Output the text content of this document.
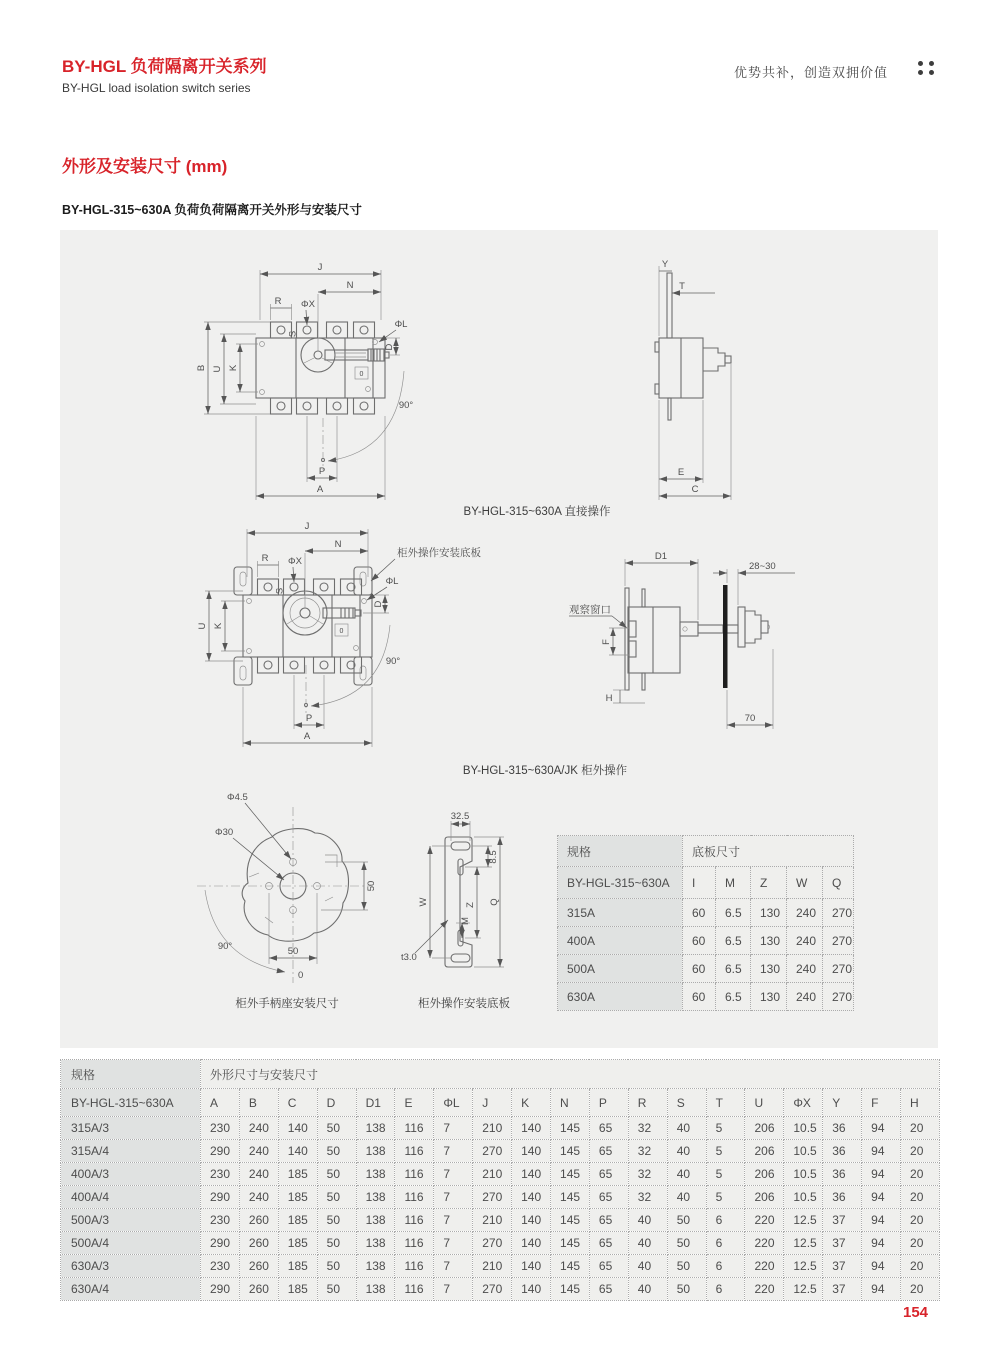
BY-HGL 负荷隔离开关系列
BY-HGL load isolation switch series
优势共补，创造双拥价值
外形及安装尺寸 (mm)
BY-HGL-315~630A 负荷负荷隔离开关外形与安装尺寸
0
J
N
R ΦX
S
ΦL
D
B U K
P
A
90°
Y
T
E
C
BY-HGL-315~630A 直接操作
0
J
N
R ΦX
S
ΦL
D
U K
P
A
90°
柜外操作安装底板
观察窗口
F
H
D1
28~30
70
BY-HGL-315~630A/JK 柜外操作
Φ4.5
Φ30
50
50
90°
0
32.5
8.5
W	Z Q
M
t3.0
柜外手柄座安装尺寸	柜外操作安装底板
规格	底板尺寸				
BY-HGL-315~630A	I	M	Z	W	Q
315A	60	6.5	130	240	270
400A	60	6.5	130	240	270
500A	60	6.5	130	240	270
630A	60	6.5	130	240	270
规格	外形尺寸与安装尺寸																		
BY-HGL-315~630A	A	B	C	D	D1	E	ΦL	J	K	N	P	R	S	T	U	ΦX	Y	F	H
315A/3	230	240	140	50	138	116	7	210	140	145	65	32	40	5	206	10.5	36	94	20
315A/4	290	240	140	50	138	116	7	270	140	145	65	32	40	5	206	10.5	36	94	20
400A/3	230	240	185	50	138	116	7	210	140	145	65	32	40	5	206	10.5	36	94	20
400A/4	290	240	185	50	138	116	7	270	140	145	65	32	40	5	206	10.5	36	94	20
500A/3	230	260	185	50	138	116	7	210	140	145	65	40	50	6	220	12.5	37	94	20
500A/4	290	260	185	50	138	116	7	270	140	145	65	40	50	6	220	12.5	37	94	20
630A/3	230	260	185	50	138	116	7	210	140	145	65	40	50	6	220	12.5	37	94	20
630A/4	290	260	185	50	138	116	7	270	140	145	65	40	50	6	220	12.5	37	94	20
154
